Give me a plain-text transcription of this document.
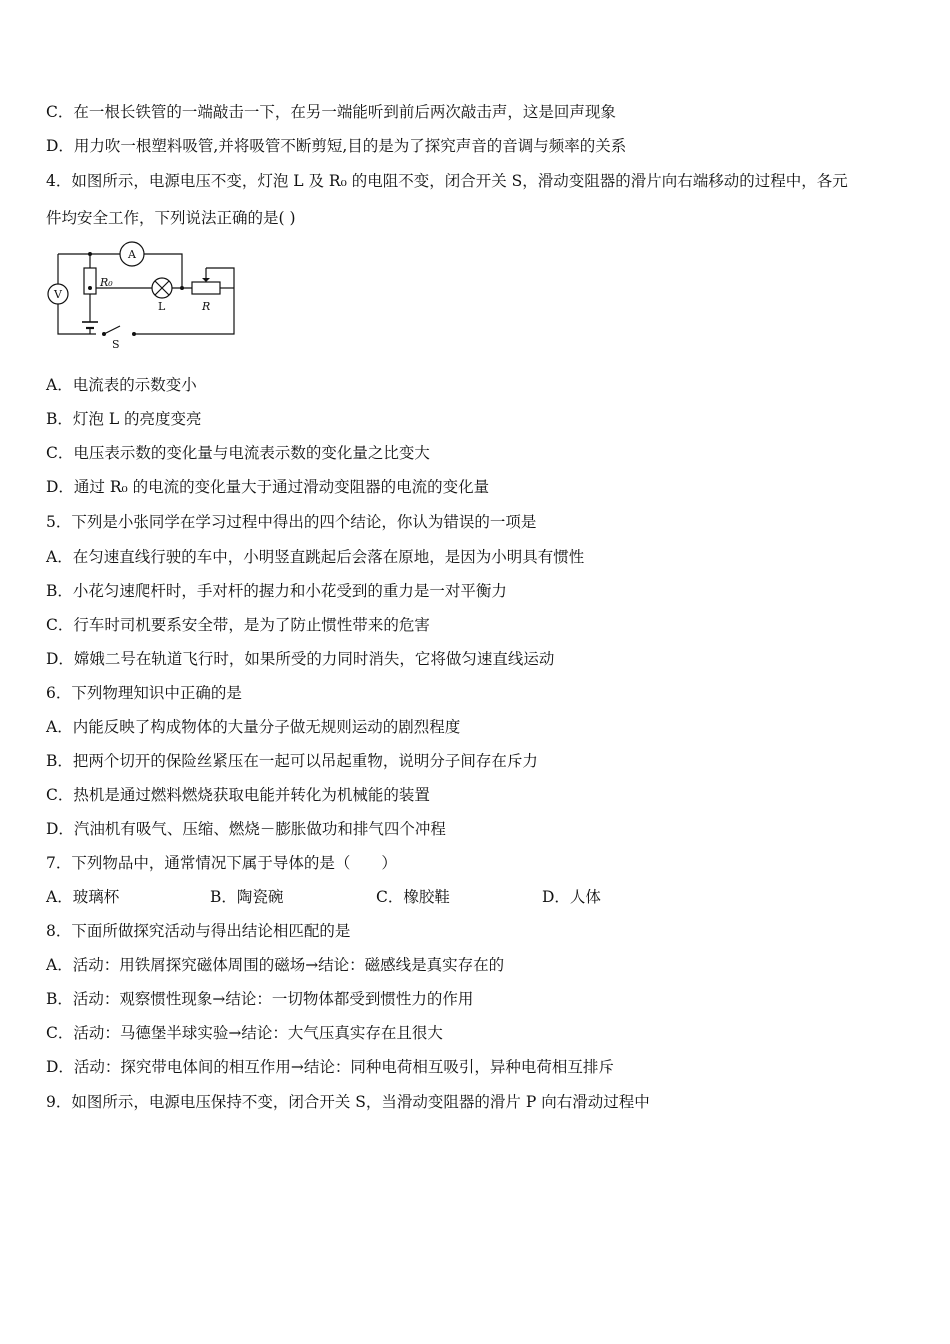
C．在一根长铁管的一端敲击一下，在另一端能听到前后两次敲击声，这是回声现象
D．用力吹一根塑料吸管,并将吸管不断剪短,目的是为了探究声音的音调与频率的关系
4．如图所示，电源电压不变，灯泡 L 及 R₀ 的电阻不变，闭合开关 S，滑动变阻器的滑片向右端移动的过程中，各元
件均安全工作，下列说法正确的是( )
A
V
R₀
L	R
S
A．电流表的示数变小
B．灯泡 L 的亮度变亮
C．电压表示数的变化量与电流表示数的变化量之比变大
D．通过 R₀ 的电流的变化量大于通过滑动变阻器的电流的变化量
5．下列是小张同学在学习过程中得出的四个结论，你认为错误的一项是
A．在匀速直线行驶的车中，小明竖直跳起后会落在原地，是因为小明具有惯性
B．小花匀速爬杆时，手对杆的握力和小花受到的重力是一对平衡力
C．行车时司机要系安全带，是为了防止惯性带来的危害
D．嫦娥二号在轨道飞行时，如果所受的力同时消失，它将做匀速直线运动
6．下列物理知识中正确的是
A．内能反映了构成物体的大量分子做无规则运动的剧烈程度
B．把两个切开的保险丝紧压在一起可以吊起重物，说明分子间存在斥力
C．热机是通过燃料燃烧获取电能并转化为机械能的装置
D．汽油机有吸气、压缩、燃烧－膨胀做功和排气四个冲程
7．下列物品中，通常情况下属于导体的是（　　）
A．玻璃杯	B．陶瓷碗	C．橡胶鞋	D．人体
8．下面所做探究活动与得出结论相匹配的是
A．活动：用铁屑探究磁体周围的磁场→结论：磁感线是真实存在的
B．活动：观察惯性现象→结论：一切物体都受到惯性力的作用
C．活动：马德堡半球实验→结论：大气压真实存在且很大
D．活动：探究带电体间的相互作用→结论：同种电荷相互吸引，异种电荷相互排斥
9．如图所示，电源电压保持不变，闭合开关 S，当滑动变阻器的滑片 P 向右滑动过程中
